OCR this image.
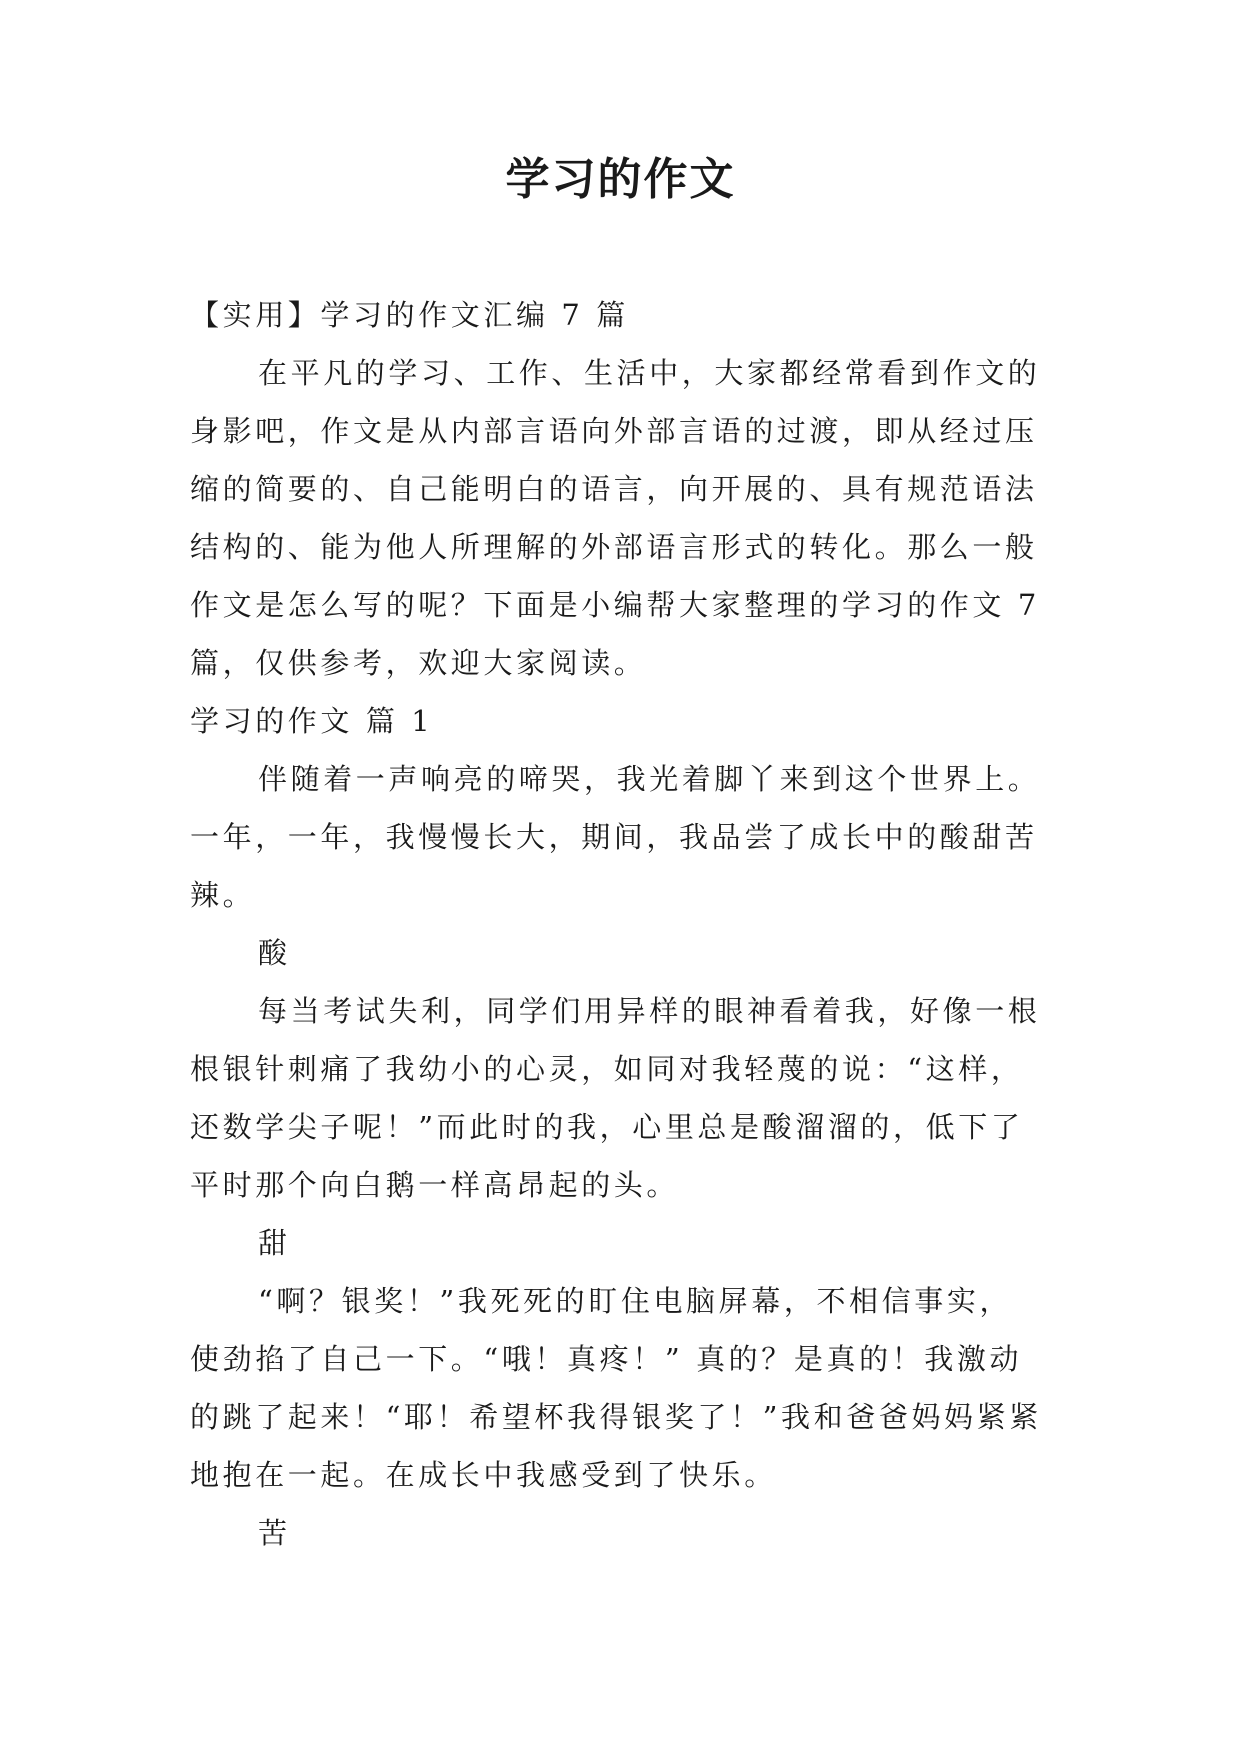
学习的作文
【实用】学习的作文汇编 7 篇
在平凡的学习、工作、生活中，大家都经常看到作文的
身影吧，作文是从内部言语向外部言语的过渡，即从经过压
缩的简要的、自己能明白的语言，向开展的、具有规范语法
结构的、能为他人所理解的外部语言形式的转化。那么一般
作文是怎么写的呢？下面是小编帮大家整理的学习的作文 7
篇，仅供参考，欢迎大家阅读。
学习的作文 篇 1
伴随着一声响亮的啼哭，我光着脚丫来到这个世界上。
一年，一年，我慢慢长大，期间，我品尝了成长中的酸甜苦
辣。
酸
每当考试失利，同学们用异样的眼神看着我，好像一根
根银针刺痛了我幼小的心灵，如同对我轻蔑的说：“这样，
还数学尖子呢！”而此时的我，心里总是酸溜溜的，低下了
平时那个向白鹅一样高昂起的头。
甜
“啊？银奖！”我死死的盯住电脑屏幕，不相信事实，
使劲掐了自己一下。“哦！真疼！” 真的？是真的！我激动
的跳了起来！“耶！希望杯我得银奖了！”我和爸爸妈妈紧紧
地抱在一起。在成长中我感受到了快乐。
苦
